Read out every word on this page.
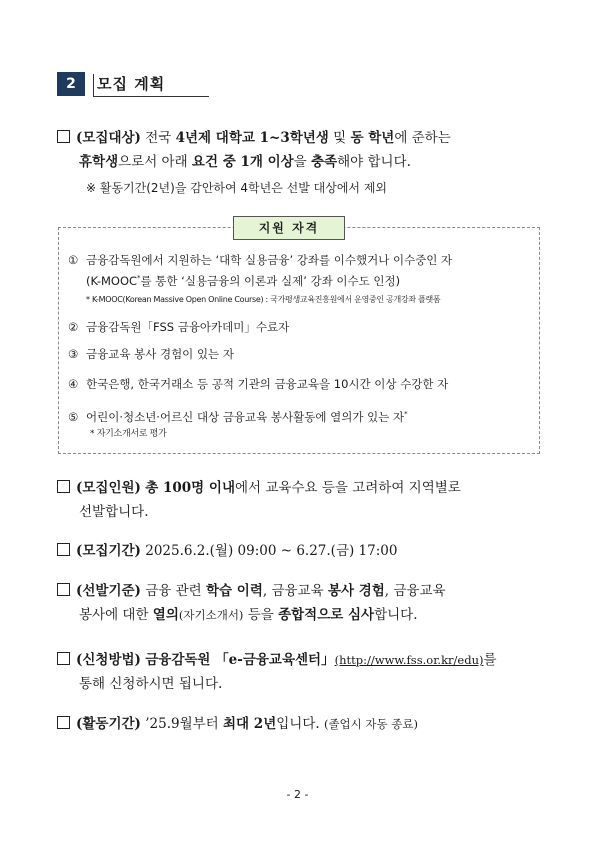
2	모집 계획
(모집대상) 전국 4년제 대학교 1~3학년생 및 동 학년에 준하는
휴학생으로서 아래 요건 중 1개 이상을 충족해야 합니다.
※ 활동기간(2년)을 감안하여 4학년은 선발 대상에서 제외
지원 자격
① 금융감독원에서 지원하는 ‘대학 실용금융’ 강좌를 이수했거나 이수중인 자
(K-MOOC*를 통한 ‘실용금융의 이론과 실제’ 강좌 이수도 인정)
* K-MOOC(Korean Massive Open Online Course) : 국가평생교육진흥원에서 운영중인 공개강좌 플랫폼
② 금융감독원「FSS 금융아카데미」수료자
③ 금융교육 봉사 경험이 있는 자
④ 한국은행, 한국거래소 등 공적 기관의 금융교육을 10시간 이상 수강한 자
⑤ 어린이·청소년·어르신 대상 금융교육 봉사활동에 열의가 있는 자*
* 자기소개서로 평가
(모집인원) 총 100명 이내에서 교육수요 등을 고려하여 지역별로
선발합니다.
(모집기간) 2025.6.2.(월) 09:00 ~ 6.27.(금) 17:00
(선발기준) 금융 관련 학습 이력, 금융교육 봉사 경험, 금융교육
봉사에 대한 열의(자기소개서) 등을 종합적으로 심사합니다.
(신청방법) 금융감독원 「e-금융교육센터」(http://www.fss.or.kr/edu)를
통해 신청하시면 됩니다.
(활동기간) ’25.9월부터 최대 2년입니다. (졸업시 자동 종료)
- 2 -
